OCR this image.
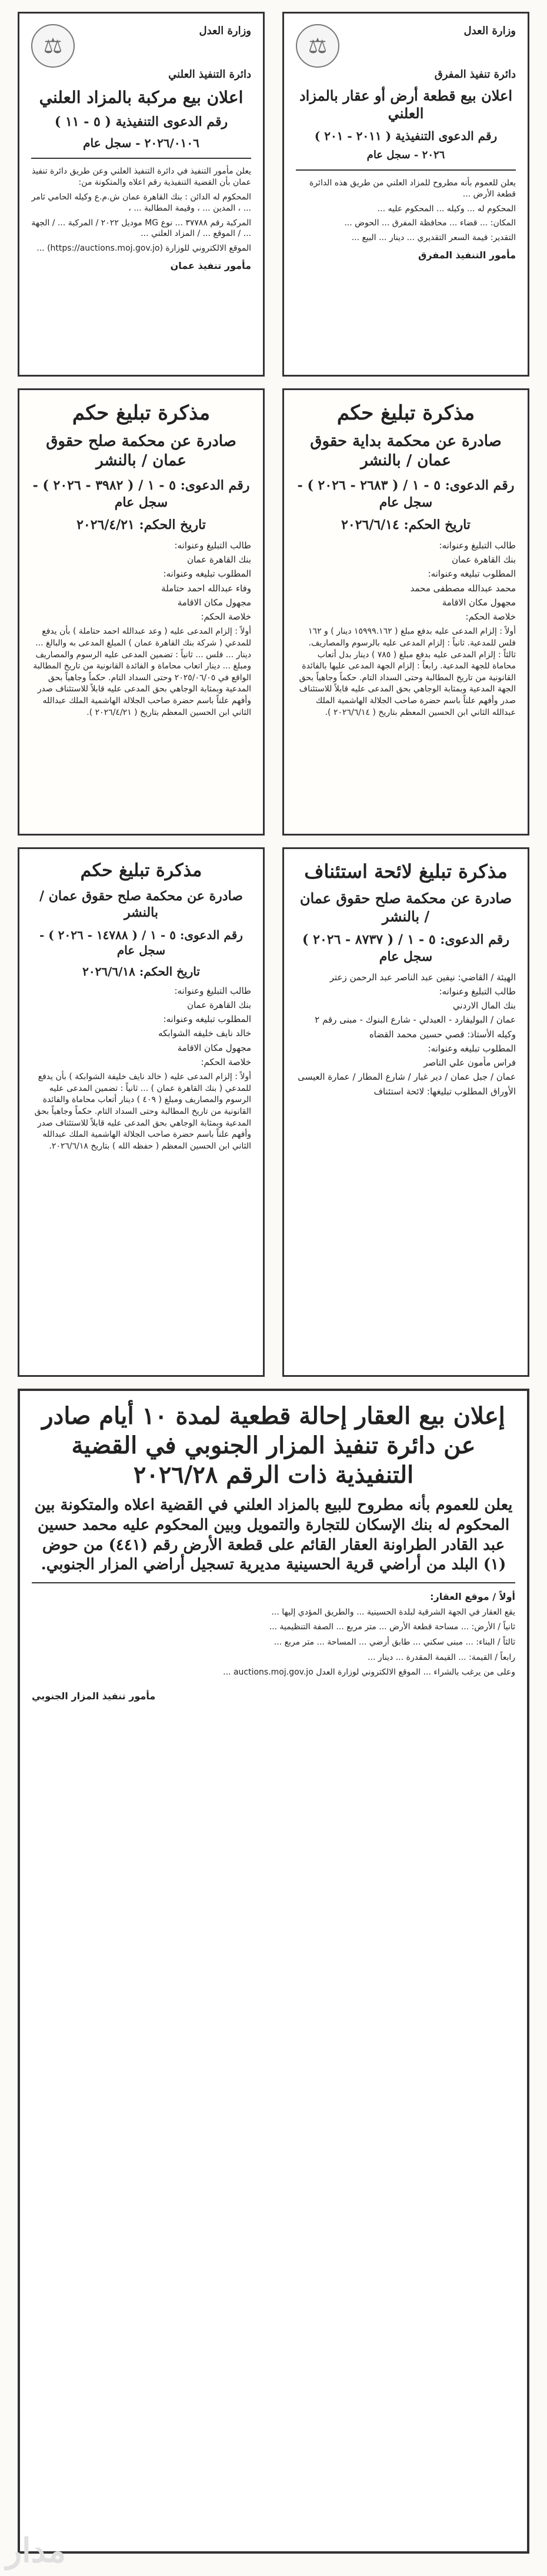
وزارة العدل
⚖
دائرة التنفيذ العلني
اعلان بيع مركبة بالمزاد العلني
رقم الدعوى التنفيذية ( ٥ - ١١ )
٢٠٢٦/٠١٠٦ - سجل عام
يعلن مأمور التنفيذ في دائرة التنفيذ العلني وعن طريق دائرة تنفيذ عمان بأن القضية التنفيذية رقم اعلاه والمتكونة من:
المحكوم له الدائن : بنك القاهرة عمان ش.م.ع وكيله الحامي ثامر ... ، المدين ... ، وقيمة المطالبة ... ،
المركبة رقم ٣٧٧٨٨ ... نوع MG موديل ٢٠٢٢ / المركبة ... / الجهة ... / الموقع ... / المزاد العلني ...
الموقع الالكتروني للوزارة (https://auctions.moj.gov.jo) ...
مأمور تنفيذ عمان
وزارة العدل
⚖
دائرة تنفيذ المفرق
اعلان بيع قطعة أرض أو عقار بالمزاد العلني
رقم الدعوى التنفيذية ( ٢٠١١ - ٢٠١ )
٢٠٢٦ - سجل عام
يعلن للعموم بأنه مطروح للمزاد العلني من طريق هذه الدائرة قطعة الأرض ...
المحكوم له ... وكيله ... المحكوم عليه ...
المكان: ... قضاء ... محافظة المفرق ... الحوض ...
التقدير: قيمة السعر التقديري ... دينار ... البيع ...
مأمور التنفيذ المفرق
مذكرة تبليغ حكم
صادرة عن محكمة صلح حقوق عمان / بالنشر
رقم الدعوى: ٥ - ١ / ( ٣٩٨٢ - ٢٠٢٦ ) - سجل عام
تاريخ الحكم: ٢٠٢٦/٤/٢١
طالب التبليغ وعنوانه:
بنك القاهرة عمان
المطلوب تبليغه وعنوانه:
وفاء عبدالله احمد حتاملة
مجهول مكان الاقامة
خلاصة الحكم:
أولاً : إلزام المدعى عليه ( وعد عبدالله احمد حتاملة ) بأن يدفع للمدعي ( شركة بنك القاهرة عمان ) المبلغ المدعى به والبالغ ... دينار ... فلس ... ثانياً : تضمين المدعى عليه الرسوم والمصاريف ومبلغ ... دينار اتعاب محاماة و الفائدة القانونية من تاريخ المطالبة الواقع في ٢٠٢٥/٠٦/٠٥ وحتى السداد التام. حكماً وجاهياً بحق المدعية وبمثابة الوجاهي بحق المدعى عليه قابلاً للاستئناف صدر وأفهم علناً باسم حضرة صاحب الجلالة الهاشمية الملك عبدالله الثاني ابن الحسين المعظم بتاريخ ( ٢٠٢٦/٤/٢١ ).
مذكرة تبليغ حكم
صادرة عن محكمة بداية حقوق عمان / بالنشر
رقم الدعوى: ٥ - ١ / ( ٢٦٨٣ - ٢٠٢٦ ) - سجل عام
تاريخ الحكم: ٢٠٢٦/٦/١٤
طالب التبليغ وعنوانه:
بنك القاهرة عمان
المطلوب تبليغه وعنوانه:
محمد عبدالله مصطفى محمد
مجهول مكان الاقامة
خلاصة الحكم:
أولاً : إلزام المدعى عليه بدفع مبلغ ( ١٥٩٩٩.١٦٢ دينار ) و ١٦٢ فلس للمدعية. ثانياً : إلزام المدعى عليه بالرسوم والمصاريف. ثالثاً : إلزام المدعى عليه بدفع مبلغ ( ٧٨٥ ) دينار بدل أتعاب محاماة للجهة المدعية. رابعاً : إلزام الجهة المدعى عليها بالفائدة القانونية من تاريخ المطالبة وحتى السداد التام. حكماً وجاهياً بحق الجهة المدعية وبمثابة الوجاهي بحق المدعى عليه قابلاً للاستئناف صدر وأفهم علناً باسم حضرة صاحب الجلالة الهاشمية الملك عبدالله الثاني ابن الحسين المعظم بتاريخ ( ٢٠٢٦/٦/١٤ ).
مذكرة تبليغ حكم
صادرة عن محكمة صلح حقوق عمان / بالنشر
رقم الدعوى: ٥ - ١ / ( ١٤٧٨٨ - ٢٠٢٦ ) - سجل عام
تاريخ الحكم: ٢٠٢٦/٦/١٨
طالب التبليغ وعنوانه:
بنك القاهرة عمان
المطلوب تبليغه وعنوانه:
خالد نايف خليفه الشوابكه
مجهول مكان الاقامة
خلاصة الحكم:
أولاً : إلزام المدعى عليه ( خالد نايف خليفة الشوابكة ) بأن يدفع للمدعي ( بنك القاهرة عمان ) ... ثانياً : تضمين المدعى عليه الرسوم والمصاريف ومبلغ ( ٤٠٩ ) دينار أتعاب محاماة والفائدة القانونية من تاريخ المطالبة وحتى السداد التام. حكماً وجاهياً بحق المدعية وبمثابة الوجاهي بحق المدعى عليه قابلاً للاستئناف صدر وأفهم علناً باسم حضرة صاحب الجلالة الهاشمية الملك عبدالله الثاني ابن الحسين المعظم ( حفظه الله ) بتاريخ ٢٠٢٦/٦/١٨.
مذكرة تبليغ لائحة استئناف
صادرة عن محكمة صلح حقوق عمان / بالنشر
رقم الدعوى: ٥ - ١ / ( ٨٧٣٧ - ٢٠٢٦ ) سجل عام
الهيئة / القاضي: نيفين عبد الناصر عبد الرحمن زعتر
طالب التبليغ وعنوانه:
بنك المال الاردني
عمان / البوليفارد - العبدلي - شارع البنوك - مبنى رقم ٢
وكيله الأستاذ: قصي حسين محمد القضاه
المطلوب تبليغه وعنوانه:
فراس مأمون علي الناصر
عمان / جبل عمان / دير غبار / شارع المطار / عمارة العيسى
الأوراق المطلوب تبليغها: لائحة استئناف
إعلان بيع العقار إحالة قطعية لمدة ١٠ أيام صادر عن دائرة تنفيذ المزار الجنوبي في القضية التنفيذية ذات الرقم ٢٠٢٦/٢٨
يعلن للعموم بأنه مطروح للبيع بالمزاد العلني في القضية اعلاه والمتكونة بين المحكوم له بنك الإسكان للتجارة والتمويل وبين المحكوم عليه محمد حسين عبد القادر الطراونة العقار القائم على قطعة الأرض رقم (٤٤١) من حوض (١) البلد من أراضي قرية الحسينية مديرية تسجيل أراضي المزار الجنوبي.
أولاً / موقع العقار:
يقع العقار في الجهة الشرقية لبلدة الحسينية ... والطريق المؤدي إليها ...
ثانياً / الأرض: ... مساحة قطعة الأرض ... متر مربع ... الصفة التنظيمية ...
ثالثاً / البناء: ... مبنى سكني ... طابق أرضي ... المساحة ... متر مربع ...
رابعاً / القيمة: ... القيمة المقدرة ... دينار ...
وعلى من يرغب بالشراء ... الموقع الالكتروني لوزارة العدل auctions.moj.gov.jo ...
مأمور تنفيذ المزار الجنوبي
مدار
